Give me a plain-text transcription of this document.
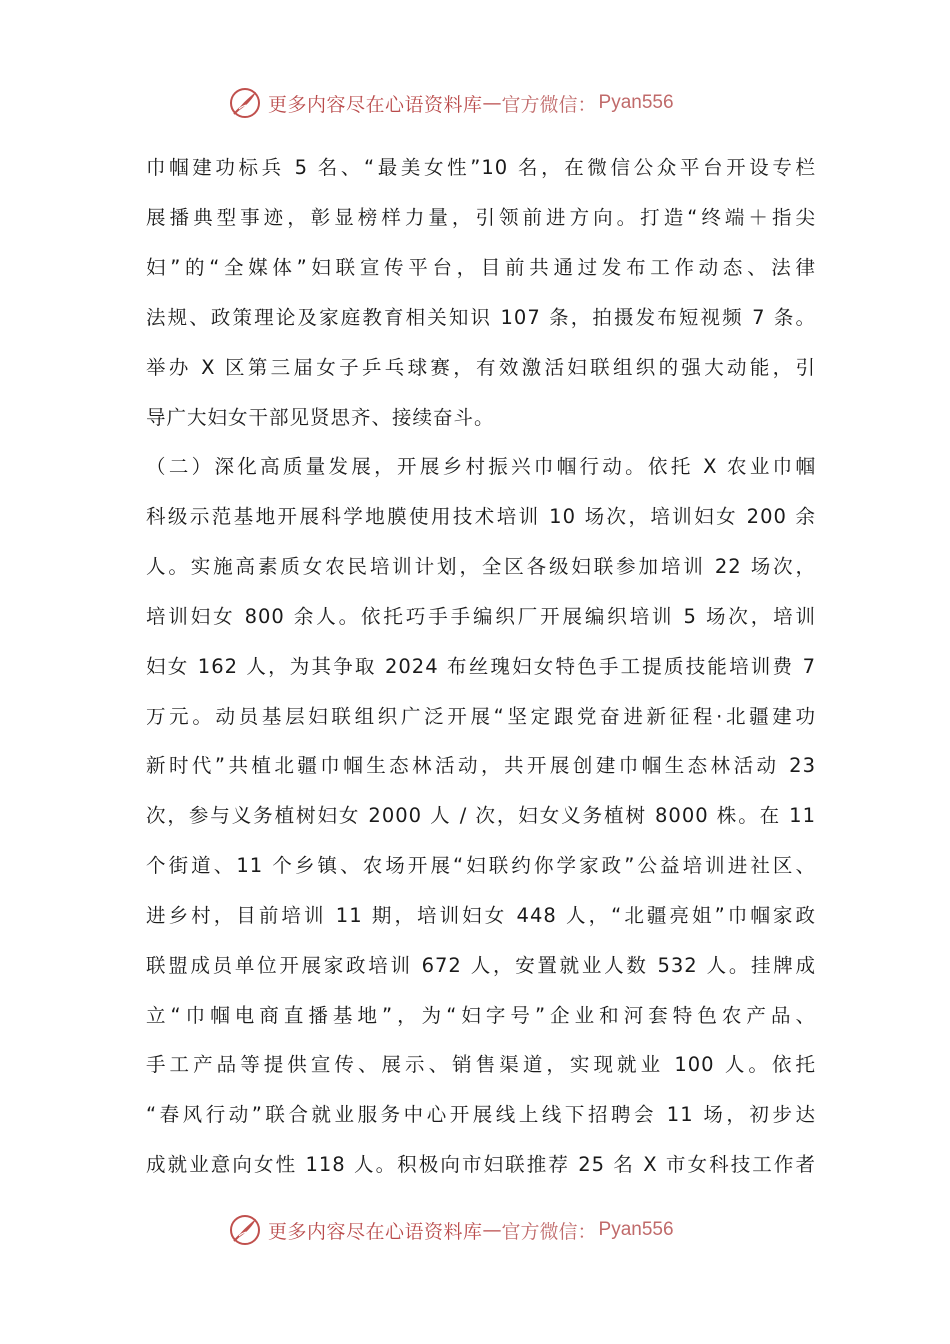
更多内容尽在心语资料库 — 官方微信： Pyan556
巾帼建功标兵 5 名、“最美女性”10 名，在微信公众平台开设专栏
展播典型事迹，彰显榜样力量，引领前进方向。打造“终端＋指尖
妇”的“全媒体”妇联宣传平台，目前共通过发布工作动态、法律
法规、政策理论及家庭教育相关知识 107 条，拍摄发布短视频 7 条。
举办 X 区第三届女子乒乓球赛，有效激活妇联组织的强大动能，引
导广大妇女干部见贤思齐、接续奋斗。
（二）深化高质量发展，开展乡村振兴巾帼行动。依托 X 农业巾帼
科级示范基地开展科学地膜使用技术培训 10 场次，培训妇女 200 余
人。实施高素质女农民培训计划，全区各级妇联参加培训 22 场次，
培训妇女 800 余人。依托巧手手编织厂开展编织培训 5 场次，培训
妇女 162 人，为其争取 2024 布丝瑰妇女特色手工提质技能培训费 7
万元。动员基层妇联组织广泛开展“坚定跟党奋进新征程·北疆建功
新时代”共植北疆巾帼生态林活动，共开展创建巾帼生态林活动 23
次，参与义务植树妇女 2000 人 / 次，妇女义务植树 8000 株。在 11
个街道、11 个乡镇、农场开展“妇联约你学家政”公益培训进社区、
进乡村，目前培训 11 期，培训妇女 448 人，“北疆亮姐”巾帼家政
联盟成员单位开展家政培训 672 人，安置就业人数 532 人。挂牌成
立“巾帼电商直播基地”，为“妇字号”企业和河套特色农产品、
手工产品等提供宣传、展示、销售渠道，实现就业 100 人。依托
“春风行动”联合就业服务中心开展线上线下招聘会 11 场，初步达
成就业意向女性 118 人。积极向市妇联推荐 25 名 X 市女科技工作者
更多内容尽在心语资料库 — 官方微信： Pyan556
